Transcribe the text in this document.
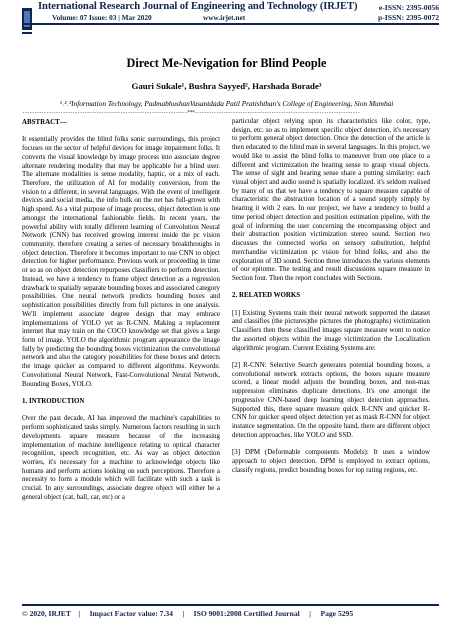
International Research Journal of Engineering and Technology (IRJET)	e-ISSN: 2395-0056
Volume: 07 Issue: 03 | Mar 2020	www.irjet.net	p-ISSN: 2395-0072
Direct Me-Nevigation for Blind People
Gauri Sukale¹, Bushra Sayyed², Harshada Borade³
¹˒²˒³Information Technology, PadmabhushanVasantdada Patil Pratishthan's College of Engineering, Sion Mumbai
---------------------------------------------------------------------***---------------------------------------------------------------------
ABSTRACT—

It essentially provides the blind folks sonic surroundings, this project focuses on the sector of helpful devices for image impairment folks. It converts the visual knowledge by image process into associate degree alternate rendering modality that may be applicable for a blind user. The alternate modalities is sense modality, haptic, or a mix of each. Therefore, the utilization of AI for modality conversion, from the vision to a different, in several languages. With the event of intelligent devices and social media, the info bulk on the net has full-grown with high speed. As a vital purpose of image process, object detection is one amongst the international fashionable fields. In recent years, the powerful ability with totally different learning of Convolution Neural Network (CNN) has received growing interest inside the pc vision community, therefore creating a series of necessary breakthroughs in object detection. Therefore it becomes important to use CNN to object detection for higher performance. Previous work or proceeding in time or so as on object detection repurposes classifiers to perform detection. Instead, we have a tendency to frame object detection as a regression drawback to spatially separate bounding boxes and associated category possibilities. One neural network predicts bounding boxes and sophistication possibilities directly from full pictures in one analysis. We'll implement associate degree design that may embrace implementations of YOLO yet as R-CNN. Making a replacement internet that may train on the COCO knowledge set that gives a large form of image. YOLO the algorithmic program appearance the image fully by predicting the bounding boxes victimization the convolutional network and also the category possibilities for these boxes and detects the image quicker as compared to different algorithms. Keywords: Convolutional Neural Network, Fast-Convolutional Neural Network, Bounding Boxes, YOLO.

1. INTRODUCTION

Over the past decade, AI has improved the machine's capabilities to perform sophisticated tasks simply. Numerous factors resulting in such developments square measure because of the increasing implementation of machine intelligence relating to optical character recognition, speech recognition, etc. As way as object detection worries, it's necessary for a machine to acknowledge objects like humans and perform actions looking on such perceptions. Therefore a necessity to form a module which will facilitate with such a task is crucial. In any surroundings, associate degree object will either be a general object (cat, ball, car, etc) or a

particular object relying upon its characteristics like color, type, design, etc. so as to implement specific object detection, it's necessary to perform general object detection. Once the detection of the article is then educated to the blind man in several languages. In this project, we would like to assist the blind folks to maneuver from one place to a different and victimization the hearing sense to grasp visual objects. The sense of sight and hearing sense share a putting similarity: each visual object and audio sound is spatially localized. it's seldom realised by many of us that we have a tendency to square measure capable of characteristic the abstraction location of a sound supply simply by hearing it with 2 ears. In our project, we have a tendency to build a time period object detection and position estimation pipeline, with the goal of informing the user concerning the encompassing object and their abstraction position victimization stereo sound. Section two discusses the connected works on sensory substitution, helpful merchandise victimization pc vision for blind folks, and also the exploration of 3D sound. Section three introduces the various elements of our epitome. The testing and result discussions square measure in Section four. Then the report concludes with Sections.

2. RELATED WORKS

[1] Existing Systems train their neural network supported the dataset and classifies (the pictures)the pictures the photographs) victimization Classifiers then these classified images square measure wont to notice the assorted objects within the image victimization the Localization algorithmic program. Current Existing Systems are:

[2] R-CNN: Selective Search generates potential bounding boxes, a convolutional network extracts options, the boxes square measure scored, a linear model adjusts the bounding boxes, and non-max suppression eliminates duplicate detections. It's one amongst the progressive CNN-based deep learning object detection approaches. Supported this, there square measure quick R-CNN and quicker R-CNN for quicker speed object detection yet as mask R-CNN for object instance segmentation. On the opposite hand, there are different object detection approaches, like YOLO and SSD.

[3] DPM (Deformable components Models): It uses a window approach to object detection. DPM is employed to extract options, classify regions, predict bounding boxes for top rating regions, etc.

© 2020, IRJET    |     Impact Factor value: 7.34     |     ISO 9001:2008 Certified Journal     |     Page 5295
